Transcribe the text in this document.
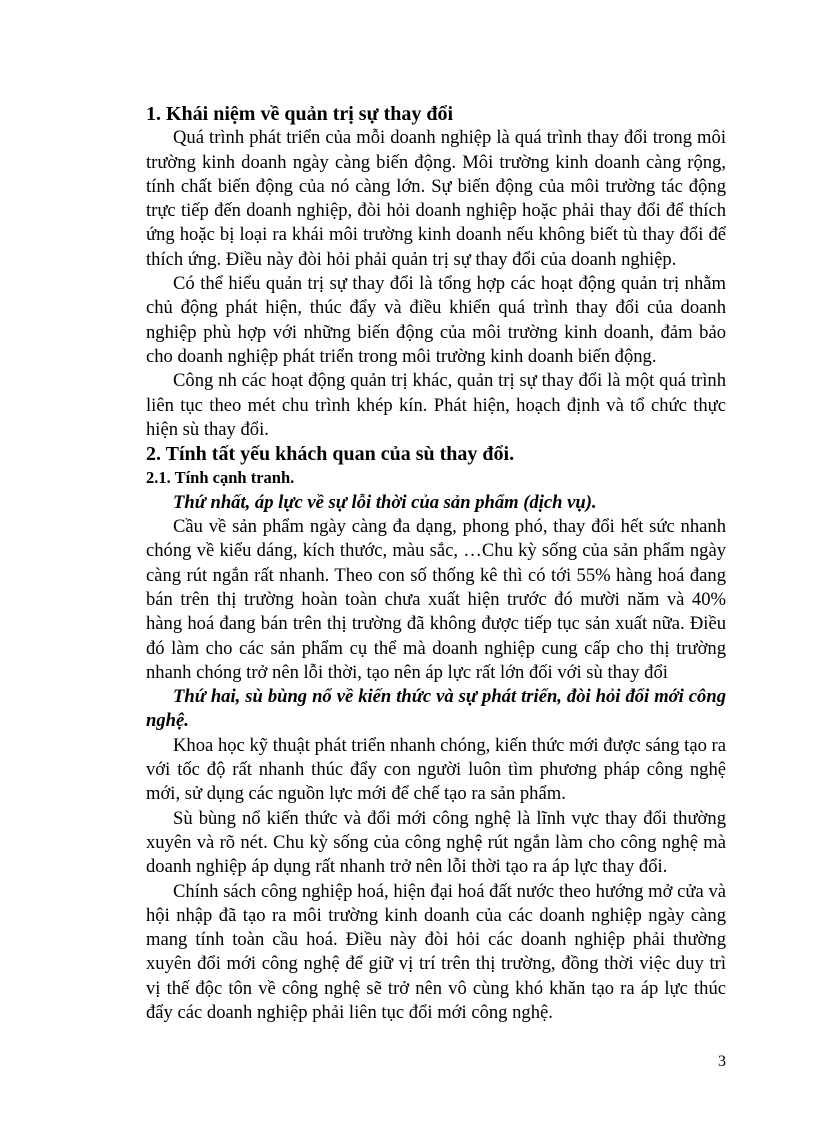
1. Khái niệm về quản trị sự thay đổi

Quá trình phát triển của mỗi doanh nghiệp là quá trình thay đổi trong môi trường kinh doanh ngày càng biến động. Môi trường kinh doanh càng rộng, tính chất biến động của nó càng lớn. Sự biến động của môi trường tác động trực tiếp đến doanh nghiệp, đòi hỏi doanh nghiệp hoặc phải thay đổi để thích ứng hoặc bị loại ra khái môi trường kinh doanh nếu không biết tù thay đổi để thích ứng. Điều này đòi hỏi phải quản trị sự thay đổi của doanh nghiệp.

Có thể hiểu quản trị sự thay đổi là tổng hợp các hoạt động quản trị nhằm chủ động phát hiện, thúc đẩy và điều khiển quá trình thay đổi của doanh nghiệp phù hợp với những biến động của môi trường kinh doanh, đảm bảo cho doanh nghiệp phát triển trong môi trường kinh doanh biến động.

Công nh các hoạt động quản trị khác, quản trị sự thay đổi là một quá trình liên tục theo mét chu trình khép kín. Phát hiện, hoạch định và tổ chức thực hiện sù thay đổi.

2. Tính tất yếu khách quan của sù thay đổi.
2.1. Tính cạnh tranh.

Thứ nhất, áp lực về sự lỗi thời của sản phẩm (dịch vụ).

Cầu về sản phẩm ngày càng đa dạng, phong phó, thay đổi hết sức nhanh chóng về kiểu dáng, kích thước, màu sắc, …Chu kỳ sống của sản phẩm ngày càng rút ngắn rất nhanh. Theo con số thống kê thì có tới 55% hàng hoá đang bán trên thị trường hoàn toàn chưa xuất hiện trước đó mười năm và 40% hàng hoá đang bán trên thị trường đã không được tiếp tục sản xuất nữa. Điều đó làm cho các sản phẩm cụ thể mà doanh nghiệp cung cấp cho thị trường nhanh chóng trở nên lỗi thời, tạo nên áp lực rất lớn đối với sù thay đổi

Thứ hai, sù bùng nổ về kiến thức và sự phát triển, đòi hỏi đổi mới công nghệ.

Khoa học kỹ thuật phát triển nhanh chóng, kiến thức mới được sáng tạo ra với tốc độ rất nhanh thúc đẩy con người luôn tìm phương pháp công nghệ mới, sử dụng các nguồn lực mới để chế tạo ra sản phẩm.

Sù bùng nổ kiến thức và đổi mới công nghệ là lĩnh vực thay đổi thường xuyên và rõ nét. Chu kỳ sống của công nghệ rút ngắn làm cho công nghệ mà doanh nghiệp áp dụng rất nhanh trở nên lỗi thời tạo ra áp lực thay đổi.

Chính sách công nghiệp hoá, hiện đại hoá đất nước theo hướng mở cửa và hội nhập đã tạo ra môi trường kinh doanh của các doanh nghiệp ngày càng mang tính toàn cầu hoá. Điều này đòi hỏi các doanh nghiệp phải thường xuyên đổi mới công nghệ để giữ vị trí trên thị trường, đồng thời việc duy trì vị thế độc tôn về công nghệ sẽ trở nên vô cùng khó khăn tạo ra áp lực thúc đẩy các doanh nghiệp phải liên tục đổi mới công nghệ.

3
